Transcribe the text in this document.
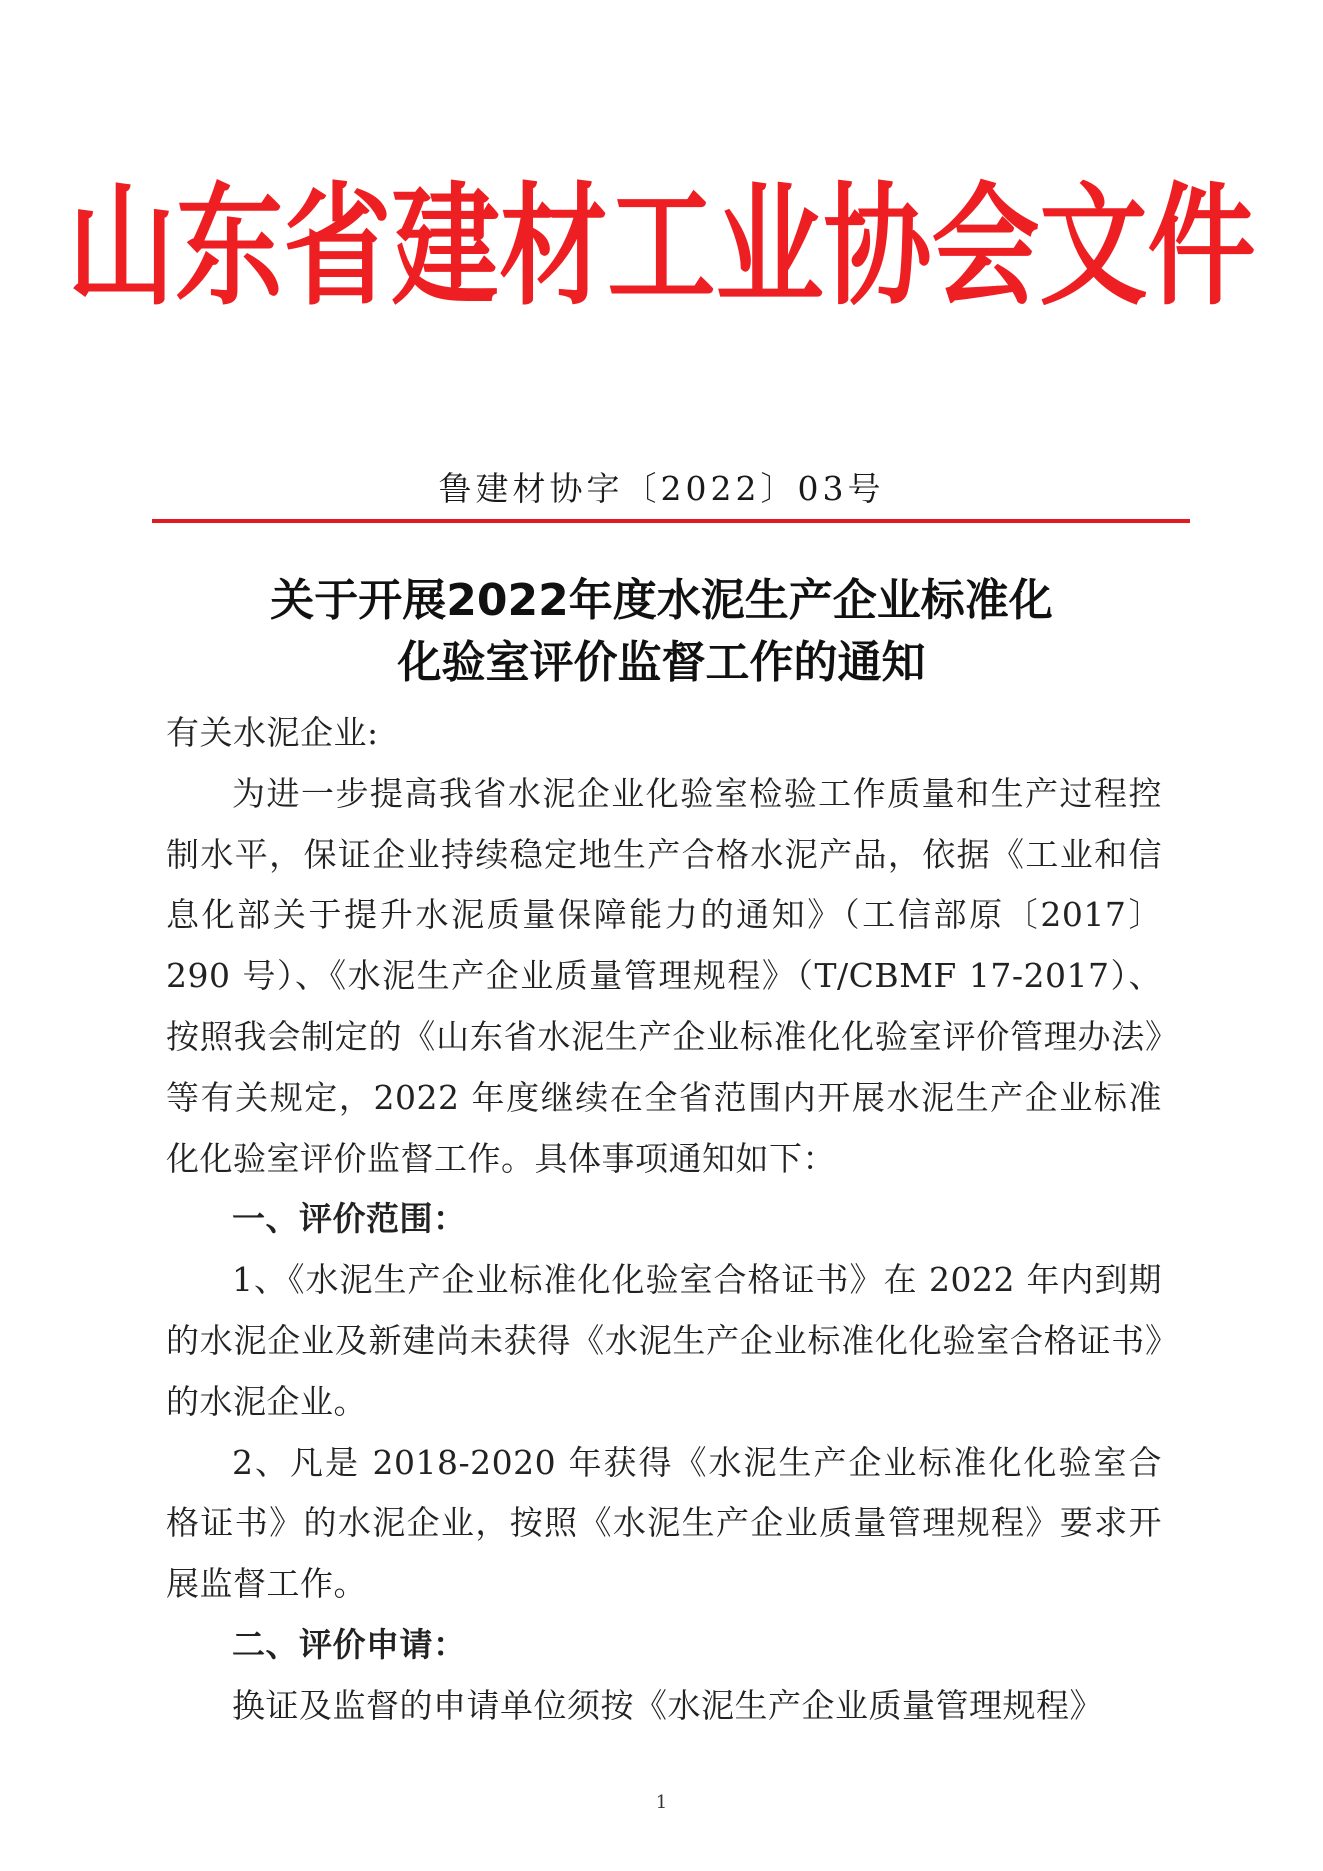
山东省建材工业协会文件
鲁建材协字〔2022〕03号
关于开展2022年度水泥生产企业标准化
化验室评价监督工作的通知

有关水泥企业:

为进一步提高我省水泥企业化验室检验工作质量和生产过程控制水平，保证企业持续稳定地生产合格水泥产品，依据《工业和信息化部关于提升水泥质量保障能力的通知》（工信部原〔2017〕290 号）、《水泥生产企业质量管理规程》（T/CBMF 17-2017）、按照我会制定的《山东省水泥生产企业标准化化验室评价管理办法》等有关规定，2022 年度继续在全省范围内开展水泥生产企业标准化化验室评价监督工作。具体事项通知如下：

一、评价范围：

1、《水泥生产企业标准化化验室合格证书》在 2022 年内到期的水泥企业及新建尚未获得《水泥生产企业标准化化验室合格证书》的水泥企业。

2、凡是 2018-2020 年获得《水泥生产企业标准化化验室合格证书》的水泥企业，按照《水泥生产企业质量管理规程》要求开展监督工作。

二、评价申请：

换证及监督的申请单位须按《水泥生产企业质量管理规程》

1
